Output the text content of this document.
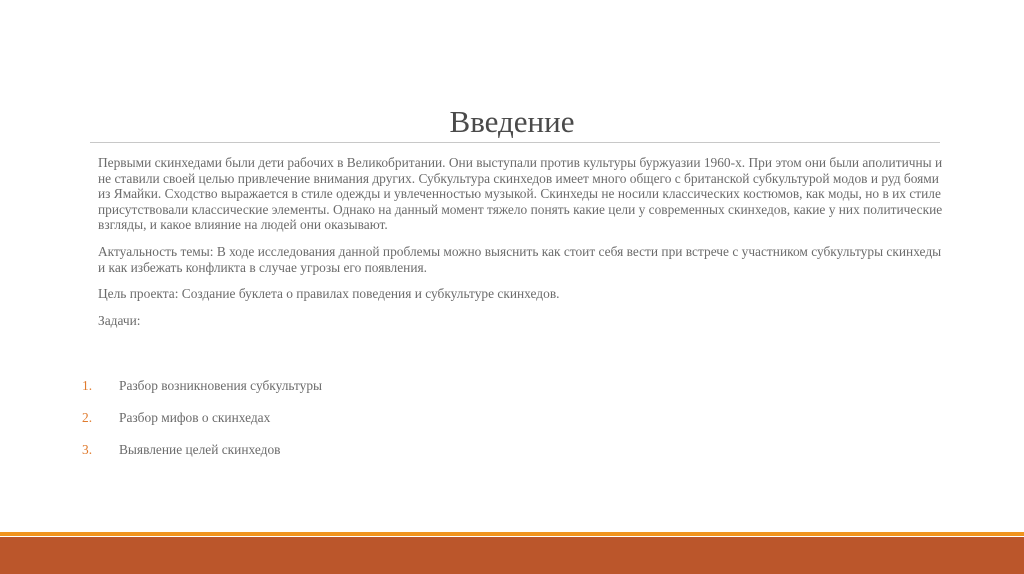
Введение

Первыми скинхедами были дети рабочих в Великобритании. Они выступали против культуры буржуазии 1960-х. При этом они были аполитичны и не ставили своей целью привлечение внимания других. Субкультура скинхедов имеет много общего с британской субкультурой модов и руд боями из Ямайки. Сходство выражается в стиле одежды и увлеченностью музыкой. Скинхеды не носили классических костюмов, как моды, но в их стиле присутствовали классические элементы. Однако на данный момент тяжело понять какие цели у современных скинхедов, какие у них политические взгляды, и какое влияние на людей они оказывают.

Актуальность темы: В ходе исследования данной проблемы можно выяснить как стоит себя вести при встрече с участником субкультуры скинхеды и как избежать конфликта в случае угрозы его появления.

Цель проекта: Создание буклета о правилах поведения и субкультуре скинхедов.

Задачи:

1. Разбор возникновения субкультуры
2. Разбор мифов о скинхедах
3. Выявление целей скинхедов
